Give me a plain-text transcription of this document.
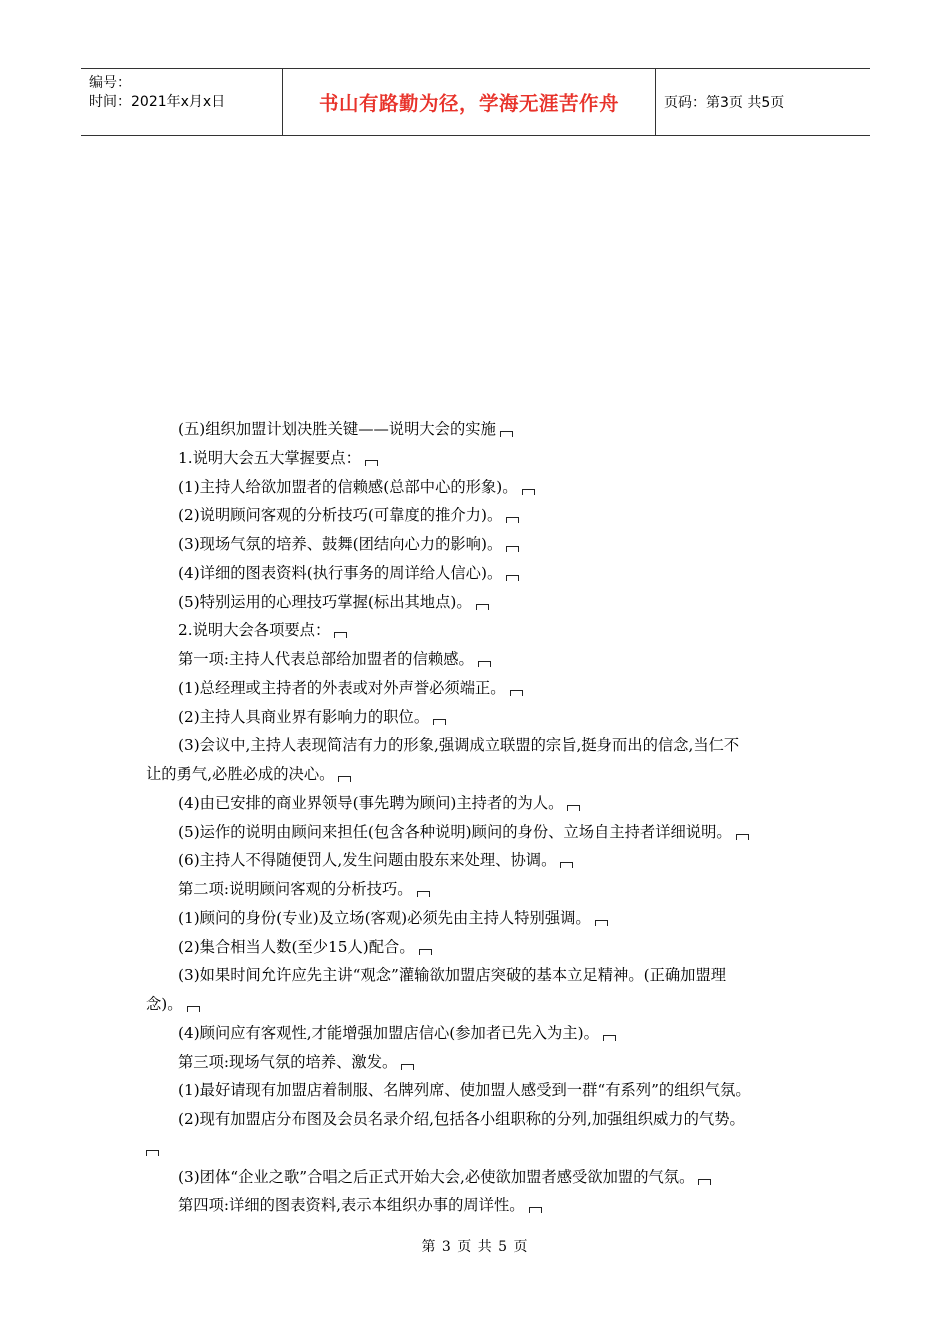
编号：
时间：2021年x月x日	书山有路勤为径，学海无涯苦作舟	页码：第3页 共5页
(五)组织加盟计划决胜关键——说明大会的实施
1.说明大会五大掌握要点：
(1)主持人给欲加盟者的信赖感(总部中心的形象)。
(2)说明顾问客观的分析技巧(可靠度的推介力)。
(3)现场气氛的培养、鼓舞(团结向心力的影响)。
(4)详细的图表资料(执行事务的周详给人信心)。
(5)特别运用的心理技巧掌握(标出其地点)。
2.说明大会各项要点：
第一项:主持人代表总部给加盟者的信赖感。
(1)总经理或主持者的外表或对外声誉必须端正。
(2)主持人具商业界有影响力的职位。
(3)会议中,主持人表现简洁有力的形象,强调成立联盟的宗旨,挺身而出的信念,当仁不
让的勇气,必胜必成的决心。
(4)由已安排的商业界领导(事先聘为顾问)主持者的为人。
(5)运作的说明由顾问来担任(包含各种说明)顾问的身份、立场自主持者详细说明。
(6)主持人不得随便罚人,发生问题由股东来处理、协调。
第二项:说明顾问客观的分析技巧。
(1)顾问的身份(专业)及立场(客观)必须先由主持人特别强调。
(2)集合相当人数(至少15人)配合。
(3)如果时间允许应先主讲“观念”灌输欲加盟店突破的基本立足精神。(正确加盟理
念)。
(4)顾问应有客观性,才能增强加盟店信心(参加者已先入为主)。
第三项:现场气氛的培养、激发。
(1)最好请现有加盟店着制服、名牌列席、使加盟人感受到一群“有系列”的组织气氛。
(2)现有加盟店分布图及会员名录介绍,包括各小组职称的分列,加强组织威力的气势。
(3)团体“企业之歌”合唱之后正式开始大会,必使欲加盟者感受欲加盟的气氛。
第四项:详细的图表资料,表示本组织办事的周详性。
第 3 页 共 5 页
